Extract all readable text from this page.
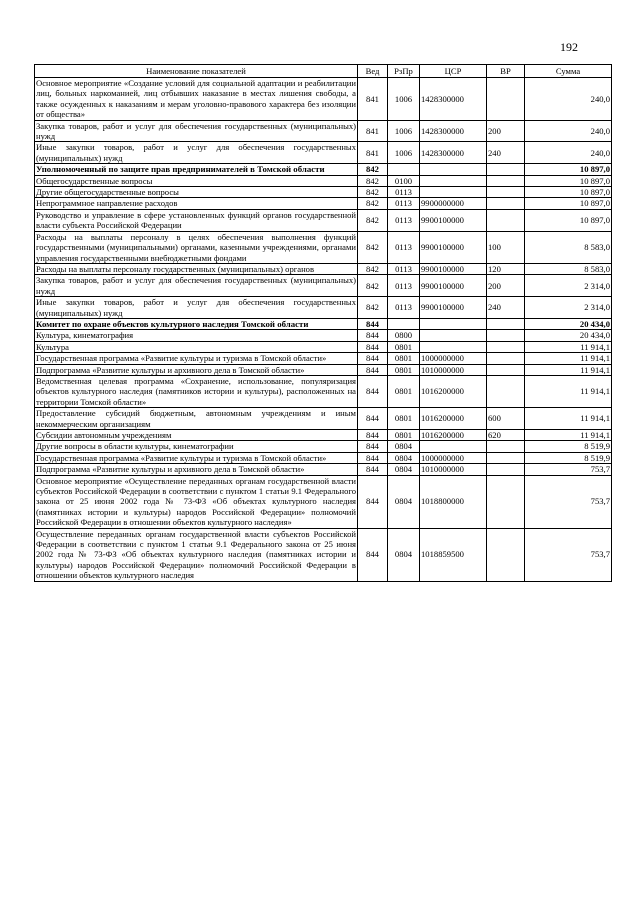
192
Наименование показателей	Вед	РзПр	ЦСР	ВР	Сумма
Основное мероприятие «Создание условий для социальной адаптации и реабилитации лиц, больных наркоманией, лиц отбывших наказание в местах лишения свободы, а также осужденных к наказаниям и мерам уголовно-правового характера без изоляции от общества»	841	1006	1428300000		240,0
Закупка товаров, работ и услуг для обеспечения государственных (муниципальных) нужд	841	1006	1428300000	200	240,0
Иные закупки товаров, работ и услуг для обеспечения государственных (муниципальных) нужд	841	1006	1428300000	240	240,0
Уполномоченный по защите прав предпринимателей в Томской области	842				10 897,0
Общегосударственные вопросы	842	0100			10 897,0
Другие общегосударственные вопросы	842	0113			10 897,0
Непрограммное направление расходов	842	0113	9900000000		10 897,0
Руководство и управление в сфере установленных функций органов государственной власти субъекта Российской Федерации	842	0113	9900100000		10 897,0
Расходы на выплаты персоналу в целях обеспечения выполнения функций государственными (муниципальными) органами, казенными учреждениями, органами управления государственными внебюджетными фондами	842	0113	9900100000	100	8 583,0
Расходы на выплаты персоналу государственных (муниципальных) органов	842	0113	9900100000	120	8 583,0
Закупка товаров, работ и услуг для обеспечения государственных (муниципальных) нужд	842	0113	9900100000	200	2 314,0
Иные закупки товаров, работ и услуг для обеспечения государственных (муниципальных) нужд	842	0113	9900100000	240	2 314,0
Комитет по охране объектов культурного наследия Томской области	844				20 434,0
Культура, кинематография	844	0800			20 434,0
Культура	844	0801			11 914,1
Государственная программа «Развитие культуры и туризма в Томской области»	844	0801	1000000000		11 914,1
Подпрограмма «Развитие культуры и архивного дела в Томской области»	844	0801	1010000000		11 914,1
Ведомственная целевая программа «Сохранение, использование, популяризация объектов культурного наследия (памятников истории и культуры), расположенных на территории Томской области»	844	0801	1016200000		11 914,1
Предоставление субсидий бюджетным, автономным учреждениям и иным некоммерческим организациям	844	0801	1016200000	600	11 914,1
Субсидии автономным учреждениям	844	0801	1016200000	620	11 914,1
Другие вопросы в области культуры, кинематографии	844	0804			8 519,9
Государственная программа «Развитие культуры и туризма в Томской области»	844	0804	1000000000		8 519,9
Подпрограмма «Развитие культуры и архивного дела в Томской области»	844	0804	1010000000		753,7
Основное мероприятие «Осуществление переданных органам государственной власти субъектов Российской Федерации в соответствии с пунктом 1 статьи 9.1 Федерального закона от 25 июня 2002 года № 73-ФЗ «Об объектах культурного наследия (памятниках истории и культуры) народов Российской Федерации» полномочий Российской Федерации в отношении объектов культурного наследия»	844	0804	1018800000		753,7
Осуществление переданных органам государственной власти субъектов Российской Федерации в соответствии с пунктом 1 статьи 9.1 Федерального закона от 25 июня 2002 года № 73-ФЗ «Об объектах культурного наследия (памятниках истории и культуры) народов Российской Федерации» полномочий Российской Федерации в отношении объектов культурного наследия	844	0804	1018859500		753,7
